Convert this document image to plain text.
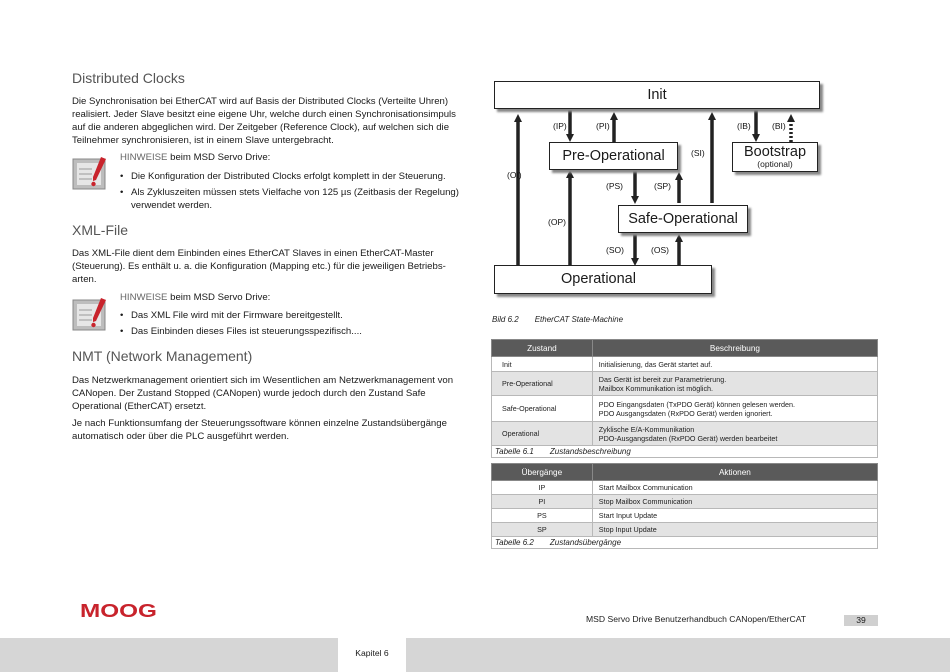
Distributed Clocks

Die Synchronisation bei EtherCAT wird auf Basis der Distributed Clocks (Verteilte Uhren) realisiert. Jeder Slave besitzt eine eigene Uhr, welche durch einen Synchronisationsimpuls auf die anderen abgeglichen wird. Der Zeitgeber (Reference Clock), auf welchen sich die Teilnehmer synchronisieren, ist in einem Slave untergebracht.

HINWEISE beim MSD Servo Drive:
• Die Konfiguration der Distributed Clocks erfolgt komplett in der Steuerung.
• Als Zykluszeiten müssen stets Vielfache von 125 µs (Zeitbasis der Regelung) verwendet werden.
XML-File

Das XML-File dient dem Einbinden eines EtherCAT Slaves in einen EtherCAT-Master (Steuerung). Es enthält u. a. die Konfiguration (Mapping etc.) für die jeweiligen Betriebs-arten.

HINWEISE beim MSD Servo Drive:
• Das XML File wird mit der Firmware bereitgestellt.
• Das Einbinden dieses Files ist steuerungsspezifisch....
NMT (Network Management)

Das Netzwerkmanagement orientiert sich im Wesentlichen am Netzwerkmanagement von CANopen. Der Zustand Stopped (CANopen) wurde jedoch durch den Zustand Safe Operational (EtherCAT) ersetzt.

Je nach Funktionsumfang der Steuerungssoftware können einzelne Zustandsübergänge automatisch oder über die PLC ausgeführt werden.

Init
Pre-Operational	Bootstrap
(optional)
Safe-Operational
Operational
(IP)	(PI)	(IB)	(BI)
(SI)
(OI)
(PS)	(SP)
(OP)
(SO)	(OS)
Bild 6.2 EtherCAT State-Machine
Zustand	Beschreibung
Init	Initialisierung, das Gerät startet auf.

Pre-Operational	Das Gerät ist bereit zur Parametrierung.
Mailbox Kommunikation ist möglich.

Safe-Operational	PDO Eingangsdaten (TxPDO Gerät) können gelesen werden.
PDO Ausgangsdaten (RxPDO Gerät) werden ignoriert.

Operational	Zyklische E/A-Kommunikation
PDO-Ausgangsdaten (RxPDO Gerät) werden bearbeitet

Tabelle 6.1 Zustandsbeschreibung	
Übergänge	Aktionen
IP	Start Mailbox Communication
PI	Stop Mailbox Communication
PS	Start Input Update
SP	Stop Input Update
Tabelle 6.2 Zustandsübergänge	
MOOG	MSD Servo Drive Benutzerhandbuch CANopen/EtherCAT	39
Kapitel 6
